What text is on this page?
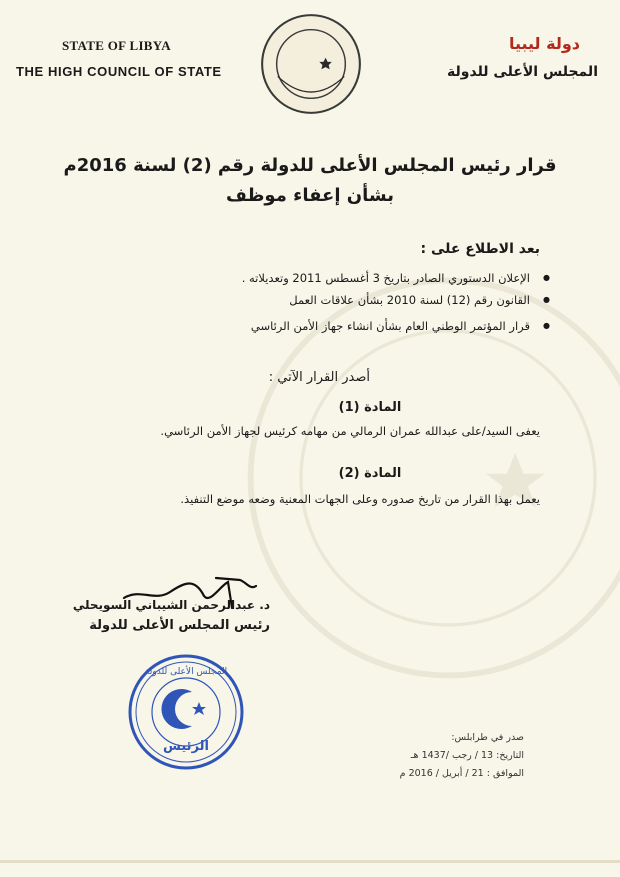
STATE OF LIBYA
THE HIGH COUNCIL OF STATE
دولة ليبيا
المجلس الأعلى للدولة
قرار رئيس المجلس الأعلى للدولة رقم (2) لسنة 2016م
بشأن إعفاء موظف
بعد الاطلاع على :
● الإعلان الدستوري الصادر بتاريخ 3 أغسطس 2011 وتعديلاته .
● القانون رقم (12) لسنة 2010 بشأن علاقات العمل
● قرار المؤتمر الوطني العام بشأن انشاء جهاز الأمن الرئاسي
أصدر القرار الآتي :
المادة (1)
يعفى السيد/على عبدالله عمران الرمالي من مهامه كرئيس لجهاز الأمن الرئاسي.
المادة (2)
يعمل بهذا القرار من تاريخ صدوره وعلى الجهات المعنية وضعه موضع التنفيذ.
د. عبدالرحمن الشيباني السويحلي
رئيس المجلس الأعلى للدولة
الرئيس
المجلس الأعلى للدولة
صدر في طرابلس:
التاريخ: 13 / رجب /1437 هـ
الموافق : 21 / أبريل / 2016 م
